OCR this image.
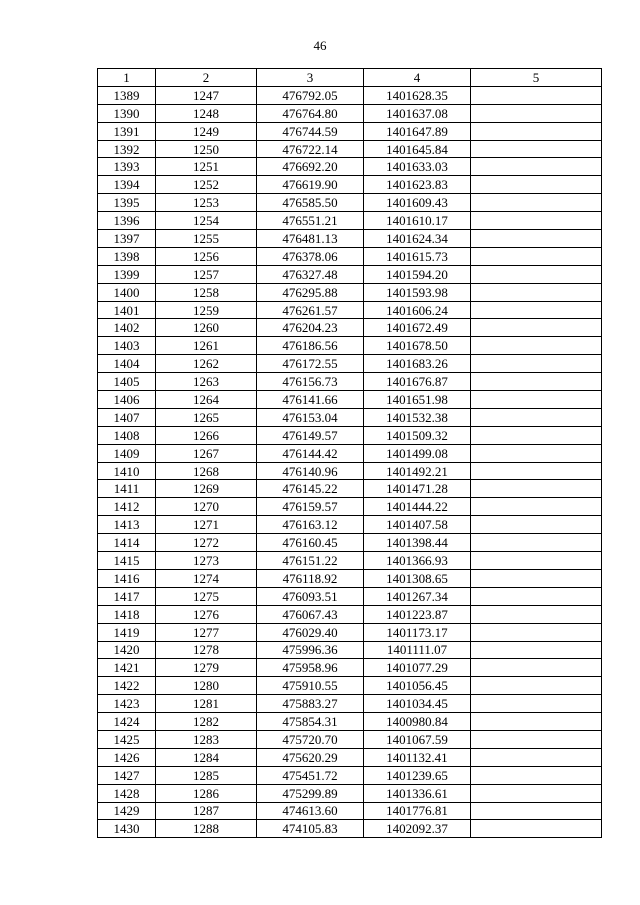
46
1	2	3	4	5
1389	1247	476792.05	1401628.35	
1390	1248	476764.80	1401637.08	
1391	1249	476744.59	1401647.89	
1392	1250	476722.14	1401645.84	
1393	1251	476692.20	1401633.03	
1394	1252	476619.90	1401623.83	
1395	1253	476585.50	1401609.43	
1396	1254	476551.21	1401610.17	
1397	1255	476481.13	1401624.34	
1398	1256	476378.06	1401615.73	
1399	1257	476327.48	1401594.20	
1400	1258	476295.88	1401593.98	
1401	1259	476261.57	1401606.24	
1402	1260	476204.23	1401672.49	
1403	1261	476186.56	1401678.50	
1404	1262	476172.55	1401683.26	
1405	1263	476156.73	1401676.87	
1406	1264	476141.66	1401651.98	
1407	1265	476153.04	1401532.38	
1408	1266	476149.57	1401509.32	
1409	1267	476144.42	1401499.08	
1410	1268	476140.96	1401492.21	
1411	1269	476145.22	1401471.28	
1412	1270	476159.57	1401444.22	
1413	1271	476163.12	1401407.58	
1414	1272	476160.45	1401398.44	
1415	1273	476151.22	1401366.93	
1416	1274	476118.92	1401308.65	
1417	1275	476093.51	1401267.34	
1418	1276	476067.43	1401223.87	
1419	1277	476029.40	1401173.17	
1420	1278	475996.36	1401111.07	
1421	1279	475958.96	1401077.29	
1422	1280	475910.55	1401056.45	
1423	1281	475883.27	1401034.45	
1424	1282	475854.31	1400980.84	
1425	1283	475720.70	1401067.59	
1426	1284	475620.29	1401132.41	
1427	1285	475451.72	1401239.65	
1428	1286	475299.89	1401336.61	
1429	1287	474613.60	1401776.81	
1430	1288	474105.83	1402092.37	
